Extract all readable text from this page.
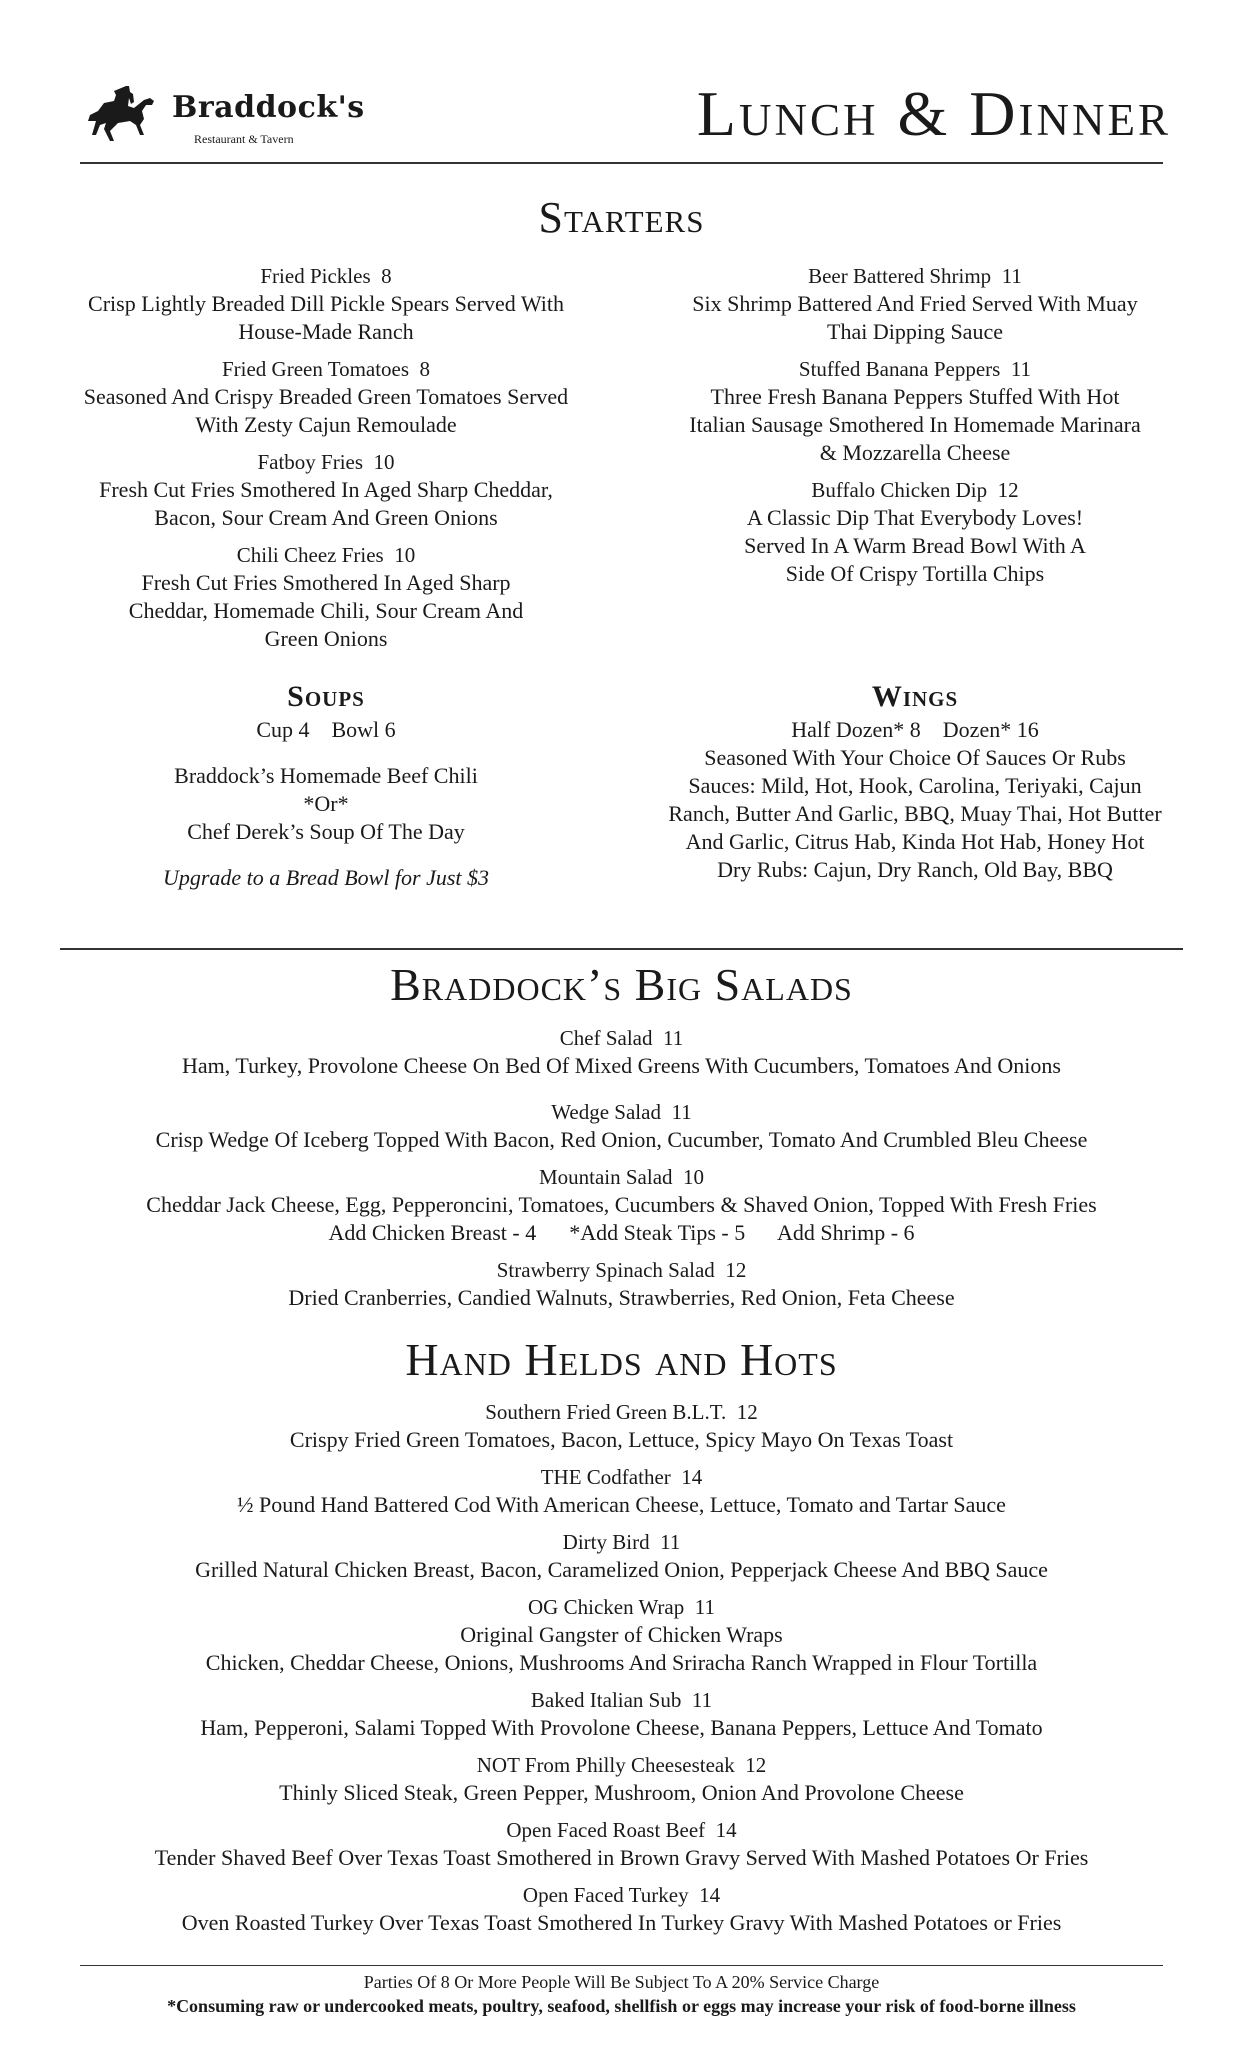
Braddock's
Restaurant & Tavern	Lunch & Dinner
Starters
Fried Pickles 8
Crisp Lightly Breaded Dill Pickle Spears Served With House-Made Ranch
Fried Green Tomatoes 8
Seasoned And Crispy Breaded Green Tomatoes Served With Zesty Cajun Remoulade
Fatboy Fries 10
Fresh Cut Fries Smothered In Aged Sharp Cheddar, Bacon, Sour Cream And Green Onions
Chili Cheez Fries 10
Fresh Cut Fries Smothered In Aged Sharp Cheddar, Homemade Chili, Sour Cream And Green Onions
Beer Battered Shrimp 11
Six Shrimp Battered And Fried Served With Muay Thai Dipping Sauce
Stuffed Banana Peppers 11
Three Fresh Banana Peppers Stuffed With Hot Italian Sausage Smothered In Homemade Marinara & Mozzarella Cheese
Buffalo Chicken Dip 12
A Classic Dip That Everybody Loves! Served In A Warm Bread Bowl With A Side Of Crispy Tortilla Chips
Soups
Cup 4    Bowl 6
Braddock’s Homemade Beef Chili
*Or*
Chef Derek’s Soup Of The Day
Upgrade to a Bread Bowl for Just $3
Wings
Half Dozen* 8    Dozen* 16
Seasoned With Your Choice Of Sauces Or Rubs
Sauces: Mild, Hot, Hook, Carolina, Teriyaki, Cajun Ranch, Butter And Garlic, BBQ, Muay Thai, Hot Butter And Garlic, Citrus Hab, Kinda Hot Hab, Honey Hot
Dry Rubs: Cajun, Dry Ranch, Old Bay, BBQ
Braddock’s Big Salads
Chef Salad 11
Ham, Turkey, Provolone Cheese On Bed Of Mixed Greens With Cucumbers, Tomatoes And Onions
Wedge Salad 11
Crisp Wedge Of Iceberg Topped With Bacon, Red Onion, Cucumber, Tomato And Crumbled Bleu Cheese
Mountain Salad 10
Cheddar Jack Cheese, Egg, Pepperoncini, Tomatoes, Cucumbers & Shaved Onion, Topped With Fresh Fries
Add Chicken Breast - 4      *Add Steak Tips - 5      Add Shrimp - 6
Strawberry Spinach Salad 12
Dried Cranberries, Candied Walnuts, Strawberries, Red Onion, Feta Cheese
Hand Helds and Hots
Southern Fried Green B.L.T. 12
Crispy Fried Green Tomatoes, Bacon, Lettuce, Spicy Mayo On Texas Toast
THE Codfather 14
½ Pound Hand Battered Cod With American Cheese, Lettuce, Tomato and Tartar Sauce
Dirty Bird 11
Grilled Natural Chicken Breast, Bacon, Caramelized Onion, Pepperjack Cheese And BBQ Sauce
OG Chicken Wrap 11
Original Gangster of Chicken Wraps
Chicken, Cheddar Cheese, Onions, Mushrooms And Sriracha Ranch Wrapped in Flour Tortilla
Baked Italian Sub 11
Ham, Pepperoni, Salami Topped With Provolone Cheese, Banana Peppers, Lettuce And Tomato
NOT From Philly Cheesesteak 12
Thinly Sliced Steak, Green Pepper, Mushroom, Onion And Provolone Cheese
Open Faced Roast Beef 14
Tender Shaved Beef Over Texas Toast Smothered in Brown Gravy Served With Mashed Potatoes Or Fries
Open Faced Turkey 14
Oven Roasted Turkey Over Texas Toast Smothered In Turkey Gravy With Mashed Potatoes or Fries
Parties Of 8 Or More People Will Be Subject To A 20% Service Charge
*Consuming raw or undercooked meats, poultry, seafood, shellfish or eggs may increase your risk of food-borne illness
